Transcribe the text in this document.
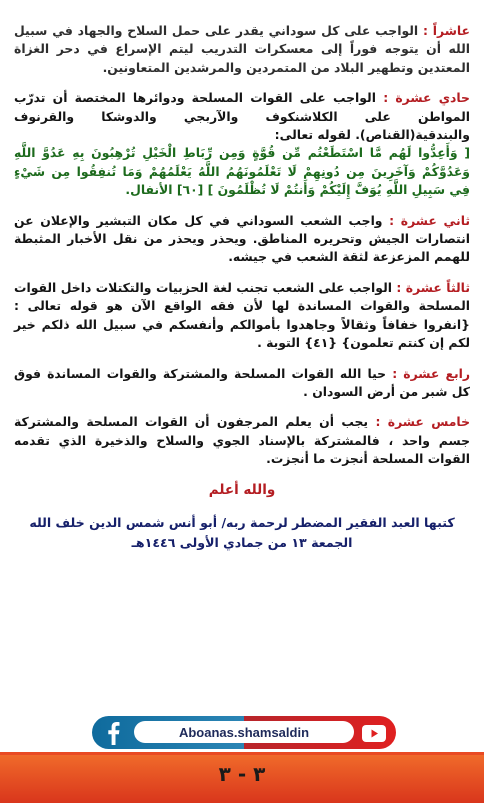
عاشراً : الواجب على كل سوداني يقدر على حمل السلاح والجهاد في سبيل الله أن يتوجه فوراً إلى معسكرات التدريب ليتم الإسراع في دحر الغزاة المعتدين وتطهير البلاد من المتمردين والمرشدين المتعاونين.

حادي عشرة : الواجب على القوات المسلحة ودوائرها المختصة أن تدرّب المواطن على الكلاشنكوف والآربجي والدوشكا والقرنوف والبندقية(القناص). لقوله تعالى:
[ وَأَعِدُّوا لَهُم مَّا اسْتَطَعْتُم مِّن قُوَّةٍ وَمِن رِّبَاطِ الْخَيْلِ تُرْهِبُونَ بِهِ عَدُوَّ اللَّهِ وَعَدُوَّكُمْ وَآخَرِينَ مِن دُونِهِمْ لَا تَعْلَمُونَهُمُ اللَّهُ يَعْلَمُهُمْ وَمَا تُنفِقُوا مِن شَيْءٍ فِي سَبِيلِ اللَّهِ يُوَفَّ إِلَيْكُمْ وَأَنتُمْ لَا تُظْلَمُونَ ] [٦٠] الأنفال.

ثاني عشرة : واجب الشعب السوداني في كل مكان التبشير والإعلان عن انتصارات الجيش وتحريره المناطق. ويحذر ويحذر من نقل الأخبار المثبطة للهمم المزعزعة لثقة الشعب في جيشه.

ثالثاً عشرة : الواجب على الشعب تجنب لغة الحزبيات والتكتلات داخل القوات المسلحة والقوات المساندة لها لأن فقه الواقع الآن هو قوله تعالى : {انفروا خفافاً وثقالاً وجاهدوا بأموالكم وأنفسكم في سبيل الله ذلكم خير لكم إن كنتم تعلمون} {٤١} التوبة .

رابع عشرة : حيا الله القوات المسلحة والمشتركة والقوات المساندة فوق كل شبر من أرض السودان .

خامس عشرة : يجب أن يعلم المرجفون أن القوات المسلحة والمشتركة جسم واحد ، فالمشتركة بالإسناد الجوي والسلاح والذخيرة الذي تقدمه القوات المسلحة أنجزت ما أنجزت.

والله أعلم
كتبها العبد الفقير المضطر لرحمة ربه/ أبو أنس شمس الدين خلف الله
الجمعة ١٣ من جمادي الأولى ١٤٤٦هـ
Aboanas.shamsaldin
٣ - ٣
